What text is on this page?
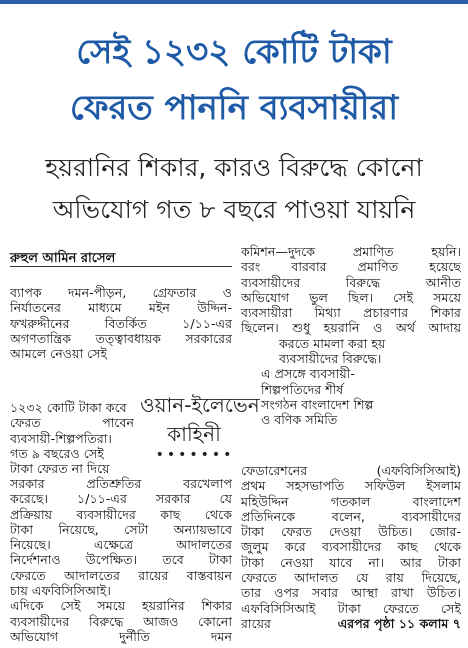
সেই ১২৩২ কোটি টাকা
ফেরত পাননি ব্যবসায়ীরা
হয়রানির শিকার, কারও বিরুদ্ধে কোনো
অভিযোগ গত ৮ বছরে পাওয়া যায়নি
রুহুল আমিন রাসেল
ব্যাপক দমন-পীড়ন, গ্রেফতার ও
নির্যাতনের মাধ্যমে মইন উদ্দিন-
ফখরুদ্দীনের বিতর্কিত ১/১১-এর
অগণতান্ত্রিক তত্ত্বাবধায়ক সরকারের
আমলে নেওয়া সেই
১২৩২ কোটি টাকা কবে
ফেরত পাবেন
ব্যবসায়ী-শিল্পপতিরা।
গত ৯ বছরেও সেই
টাকা ফেরত না দিয়ে
ওয়ান-ইলেভেন
কাহিনী
•••••••
সরকার প্রতিশ্রুতির বরখেলাপ
করেছে। ১/১১-এর সরকার যে
প্রক্রিয়ায় ব্যবসায়ীদের কাছ থেকে
টাকা নিয়েছে, সেটা অন্যায়ভাবে
নিয়েছে। এক্ষেত্রে আদালতের
নির্দেশনাও উপেক্ষিত। তবে টাকা
ফেরতে আদালতের রায়ের বাস্তবায়ন
চায় এফবিসিসিআই।
এদিকে সেই সময়ে হয়রানির শিকার
ব্যবসায়ীদের বিরুদ্ধে আজও কোনো
অভিযোগ দুর্নীতি দমন
কমিশন—দুদকে প্রমাণিত হয়নি।
বরং বারবার প্রমাণিত হয়েছে
ব্যবসায়ীদের বিরুদ্ধে আনীত
অভিযোগ ভুল ছিল। সেই সময়ে
ব্যবসায়ীরা মিথ্যা প্রচারণার শিকার
ছিলেন। শুধু হয়রানি ও অর্থ আদায়
করতে মামলা করা হয়
ব্যবসায়ীদের বিরুদ্ধে।
এ প্রসঙ্গে ব্যবসায়ী-
শিল্পপতিদের শীর্ষ
সংগঠন বাংলাদেশ শিল্প
ও বণিক সমিতি
ফেডারেশনের (এফবিসিসিআই)
প্রথম সহসভাপতি সফিউল ইসলাম
মহিউদ্দিন গতকাল বাংলাদেশ
প্রতিদিনকে বলেন, ব্যবসায়ীদের
টাকা ফেরত দেওয়া উচিত। জোর-
জুলুম করে ব্যবসায়ীদের কাছ থেকে
টাকা নেওয়া যাবে না। আর টাকা
ফেরতে আদালত যে রায় দিয়েছে,
তার ওপর সবার আস্থা রাখা উচিত।
এফবিসিসিআই টাকা ফেরতে সেই
রায়ের	এরপর পৃষ্ঠা ১১ কলাম ৭
